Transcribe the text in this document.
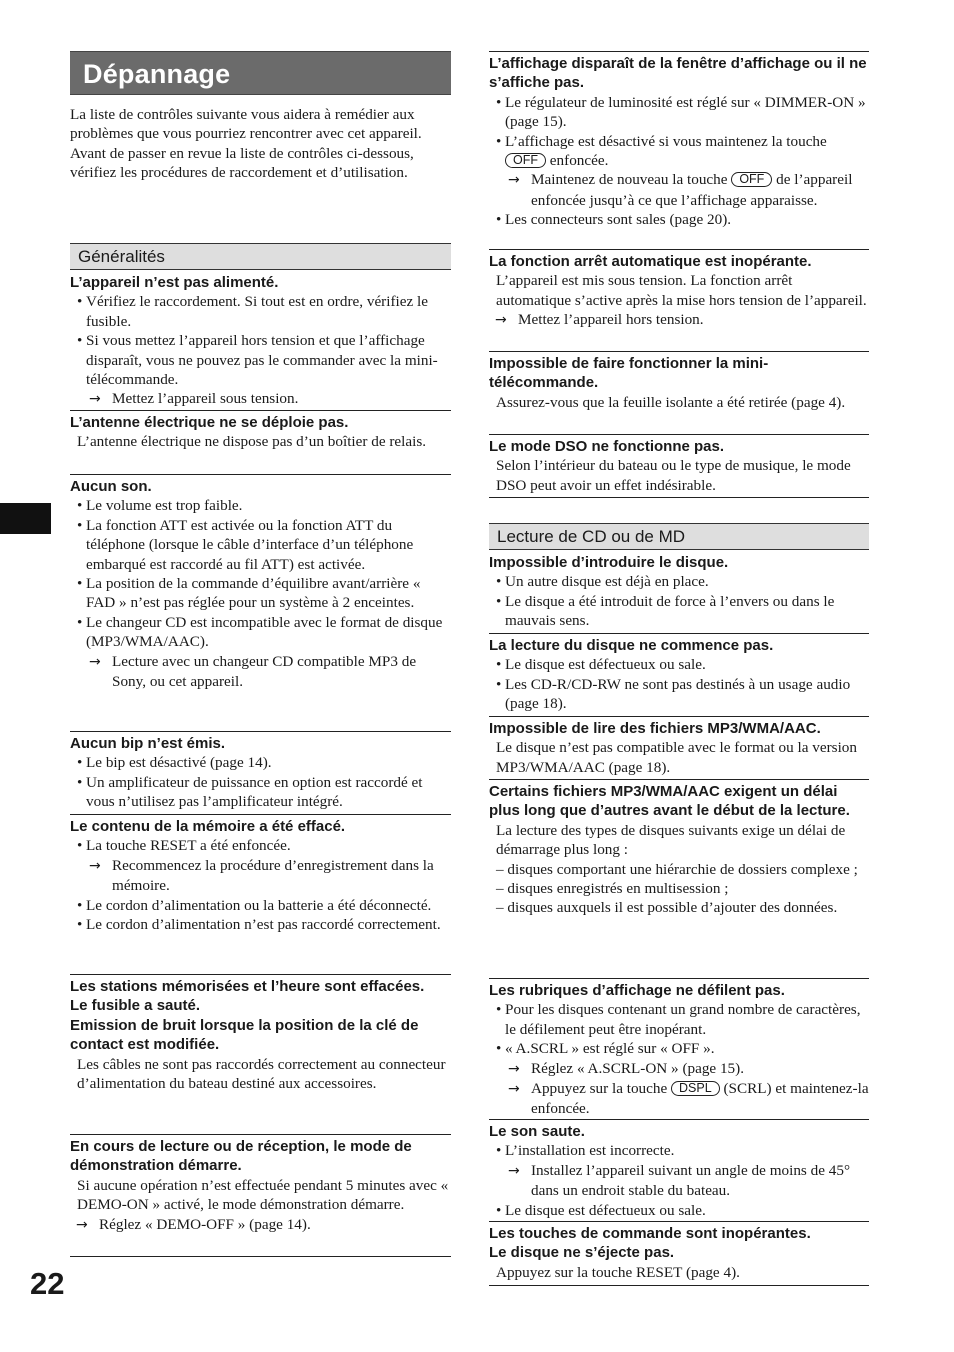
Dépannage
22

La liste de contrôles suivante vous aidera à remédier aux problèmes que vous pourriez rencontrer avec cet appareil.

Avant de passer en revue la liste de contrôles ci-dessous, vérifiez les procédures de raccordement et d’utilisation.

Généralités
L’appareil n’est pas alimenté.
• Vérifiez le raccordement. Si tout est en ordre, vérifiez le fusible.
• Si vous mettez l’appareil hors tension et que l’affichage disparaît, vous ne pouvez pas le commander avec la mini-télécommande.
→ Mettez l’appareil sous tension.
L’antenne électrique ne se déploie pas.
L’antenne électrique ne dispose pas d’un boîtier de relais.
Aucun son.
• Le volume est trop faible.
• La fonction ATT est activée ou la fonction ATT du téléphone (lorsque le câble d’interface d’un téléphone embarqué est raccordé au fil ATT) est activée.
• La position de la commande d’équilibre avant/arrière « FAD » n’est pas réglée pour un système à 2 enceintes.
• Le changeur CD est incompatible avec le format de disque (MP3/WMA/AAC).
→ Lecture avec un changeur CD compatible MP3 de Sony, ou cet appareil.
Aucun bip n’est émis.
• Le bip est désactivé (page 14).
• Un amplificateur de puissance en option est raccordé et vous n’utilisez pas l’amplificateur intégré.
Le contenu de la mémoire a été effacé.
• La touche RESET a été enfoncée.
→ Recommencez la procédure d’enregistrement dans la mémoire.
• Le cordon d’alimentation ou la batterie a été déconnecté.
• Le cordon d’alimentation n’est pas raccordé correctement.
Les stations mémorisées et l’heure sont effacées.
Le fusible a sauté.
Emission de bruit lorsque la position de la clé de contact est modifiée.
Les câbles ne sont pas raccordés correctement au connecteur d’alimentation du bateau destiné aux accessoires.
En cours de lecture ou de réception, le mode de démonstration démarre.
Si aucune opération n’est effectuée pendant 5 minutes avec « DEMO-ON » activé, le mode démonstration démarre.
→ Réglez « DEMO-OFF » (page 14).
L’affichage disparaît de la fenêtre d’affichage ou il ne s’affiche pas.
• Le régulateur de luminosité est réglé sur « DIMMER-ON » (page 15).
• L’affichage est désactivé si vous maintenez la touche
OFF enfoncée.
→ Maintenez de nouveau la touche OFF de l’appareil enfoncée jusqu’à ce que l’affichage apparaisse.
• Les connecteurs sont sales (page 20).
La fonction arrêt automatique est inopérante.
L’appareil est mis sous tension. La fonction arrêt automatique s’active après la mise hors tension de l’appareil.
→ Mettez l’appareil hors tension.
Impossible de faire fonctionner la mini-télécommande.
Assurez-vous que la feuille isolante a été retirée (page 4).
Le mode DSO ne fonctionne pas.
Selon l’intérieur du bateau ou le type de musique, le mode DSO peut avoir un effet indésirable.
Lecture de CD ou de MD
Impossible d’introduire le disque.
• Un autre disque est déjà en place.
• Le disque a été introduit de force à l’envers ou dans le mauvais sens.
La lecture du disque ne commence pas.
• Le disque est défectueux ou sale.
• Les CD-R/CD-RW ne sont pas destinés à un usage audio (page 18).
Impossible de lire des fichiers MP3/WMA/AAC.
Le disque n’est pas compatible avec le format ou la version MP3/WMA/AAC (page 18).
Certains fichiers MP3/WMA/AAC exigent un délai plus long que d’autres avant le début de la lecture.
La lecture des types de disques suivants exige un délai de démarrage plus long :
– disques comportant une hiérarchie de dossiers complexe ;
– disques enregistrés en multisession ;
– disques auxquels il est possible d’ajouter des données.
Les rubriques d’affichage ne défilent pas.
• Pour les disques contenant un grand nombre de caractères, le défilement peut être inopérant.
• « A.SCRL » est réglé sur « OFF ».
→ Réglez « A.SCRL-ON » (page 15).
→ Appuyez sur la touche DSPL (SCRL) et maintenez-la enfoncée.
Le son saute.
• L’installation est incorrecte.
→ Installez l’appareil suivant un angle de moins de 45° dans un endroit stable du bateau.
• Le disque est défectueux ou sale.
Les touches de commande sont inopérantes.
Le disque ne s’éjecte pas.
Appuyez sur la touche RESET (page 4).
